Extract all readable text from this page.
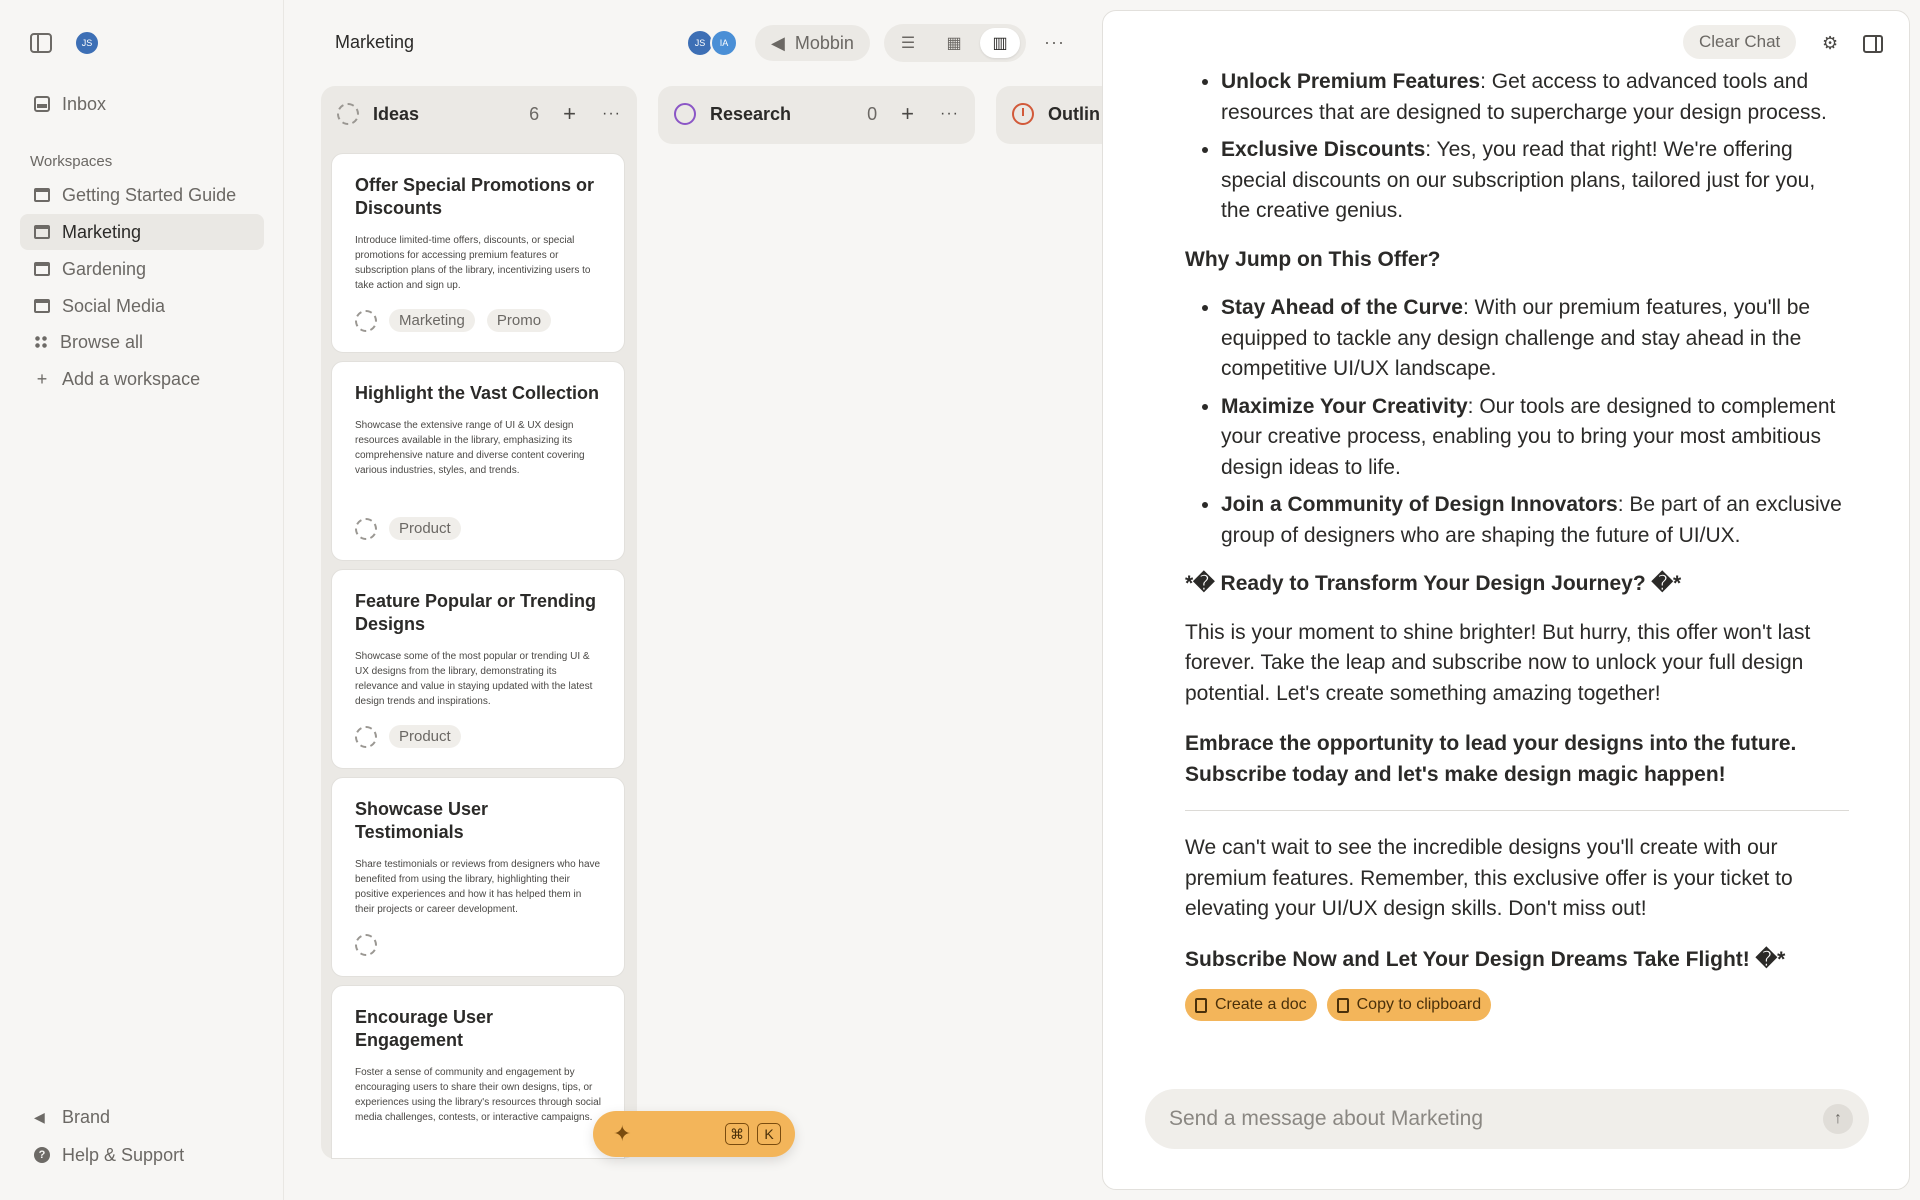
JS
Inbox
Workspaces
Getting Started Guide
Marketing
Gardening
Social Media
Browse all
+ Add a workspace
◀ Brand
? Help & Support
Marketing	JS	IA	◀ Mobbin	☰	▦	▥	···
Ideas	6 + ···
Offer Special Promotions or Discounts

Introduce limited-time offers, discounts, or special promotions for accessing premium features or subscription plans of the library, incentivizing users to take action and sign up.

Marketing	Promo
Highlight the Vast Collection

Showcase the extensive range of UI & UX design resources available in the library, emphasizing its comprehensive nature and diverse content covering various industries, styles, and trends.

Product
Feature Popular or Trending Designs

Showcase some of the most popular or trending UI & UX designs from the library, demonstrating its relevance and value in staying updated with the latest design trends and inspirations.

Product
Showcase User Testimonials

Share testimonials or reviews from designers who have benefited from using the library, highlighting their positive experiences and how it has helped them in their projects or career development.

Encourage User Engagement

Foster a sense of community and engagement by encouraging users to share their own designs, tips, or experiences using the library's resources through social media challenges, contests, or interactive campaigns.

Research	0 + ···	Outlin
✦	⌘	K
Clear Chat	⚙
• Unlock Premium Features: Get access to advanced tools and resources that are designed to supercharge your design process.
• Exclusive Discounts: Yes, you read that right! We're offering special discounts on our subscription plans, tailored just for you, the creative genius.
Why Jump on This Offer?
• Stay Ahead of the Curve: With our premium features, you'll be equipped to tackle any design challenge and stay ahead in the competitive UI/UX landscape.
• Maximize Your Creativity: Our tools are designed to complement your creative process, enabling you to bring your most ambitious design ideas to life.
• Join a Community of Design Innovators: Be part of an exclusive group of designers who are shaping the future of UI/UX.
*� Ready to Transform Your Design Journey? �*

This is your moment to shine brighter! But hurry, this offer won't last forever. Take the leap and subscribe now to unlock your full design potential. Let's create something amazing together!

Embrace the opportunity to lead your designs into the future. Subscribe today and let's make design magic happen!

We can't wait to see the incredible designs you'll create with our premium features. Remember, this exclusive offer is your ticket to elevating your UI/UX design skills. Don't miss out!

Subscribe Now and Let Your Design Dreams Take Flight! �*

Create a doc	Copy to clipboard
Send a message about Marketing
↑
